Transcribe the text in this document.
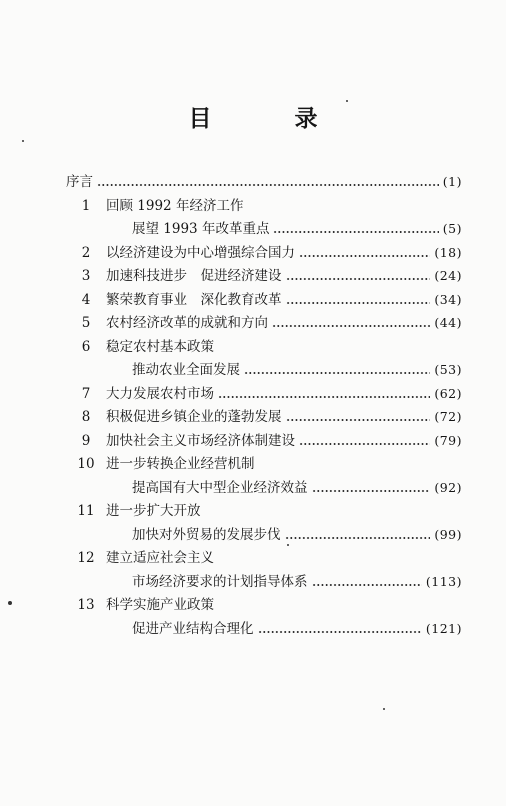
目　录
序言	(1)
1	回顾 1992 年经济工作
展望 1993 年改革重点	(5)
2	以经济建设为中心增强综合国力	(18)
3	加速科技进步　促进经济建设	(24)
4	繁荣教育事业　深化教育改革	(34)
5	农村经济改革的成就和方向	(44)
6	稳定农村基本政策
推动农业全面发展	(53)
7	大力发展农村市场	(62)
8	积极促进乡镇企业的蓬勃发展	(72)
9	加快社会主义市场经济体制建设	(79)
10 进一步转换企业经营机制
提高国有大中型企业经济效益	(92)
11 进一步扩大开放
加快对外贸易的发展步伐	(99)
12 建立适应社会主义
市场经济要求的计划指导体系	(113)
13 科学实施产业政策
促进产业结构合理化	(121)
